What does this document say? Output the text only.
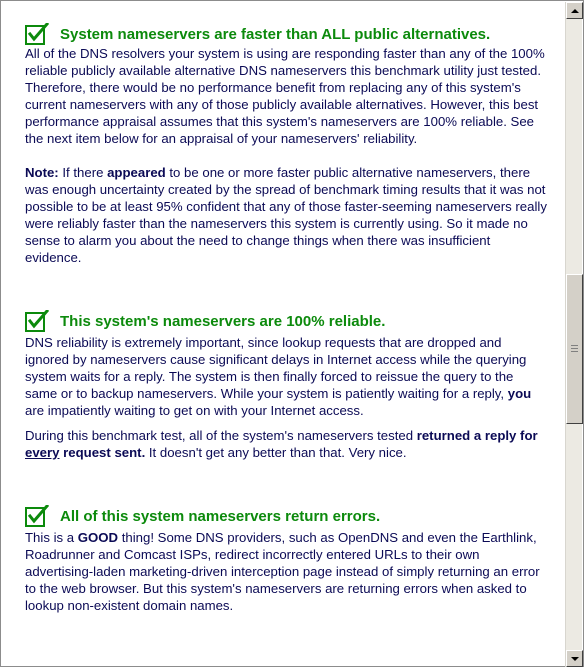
System nameservers are faster than ALL public alternatives.

All of the DNS resolvers your system is using are responding faster than any of the 100% reliable publicly available alternative DNS nameservers this benchmark utility just tested. Therefore, there would be no performance benefit from replacing any of this system's current nameservers with any of those publicly available alternatives. However, this best performance appraisal assumes that this system's nameservers are 100% reliable. See the next item below for an appraisal of your nameservers' reliability.

Note: If there appeared to be one or more faster public alternative nameservers, there was enough uncertainty created by the spread of benchmark timing results that it was not possible to be at least 95% confident that any of those faster-seeming nameservers really were reliably faster than the nameservers this system is currently using. So it made no sense to alarm you about the need to change things when there was insufficient evidence.

This system's nameservers are 100% reliable.

DNS reliability is extremely important, since lookup requests that are dropped and ignored by nameservers cause significant delays in Internet access while the querying system waits for a reply. The system is then finally forced to reissue the query to the same or to backup nameservers. While your system is patiently waiting for a reply, you are impatiently waiting to get on with your Internet access.

During this benchmark test, all of the system's nameservers tested returned a reply for every request sent. It doesn't get any better than that. Very nice.

All of this system nameservers return errors.

This is a GOOD thing! Some DNS providers, such as OpenDNS and even the Earthlink, Roadrunner and Comcast ISPs, redirect incorrectly entered URLs to their own advertising-laden marketing-driven interception page instead of simply returning an error to the web browser. But this system's nameservers are returning errors when asked to lookup non-existent domain names.
